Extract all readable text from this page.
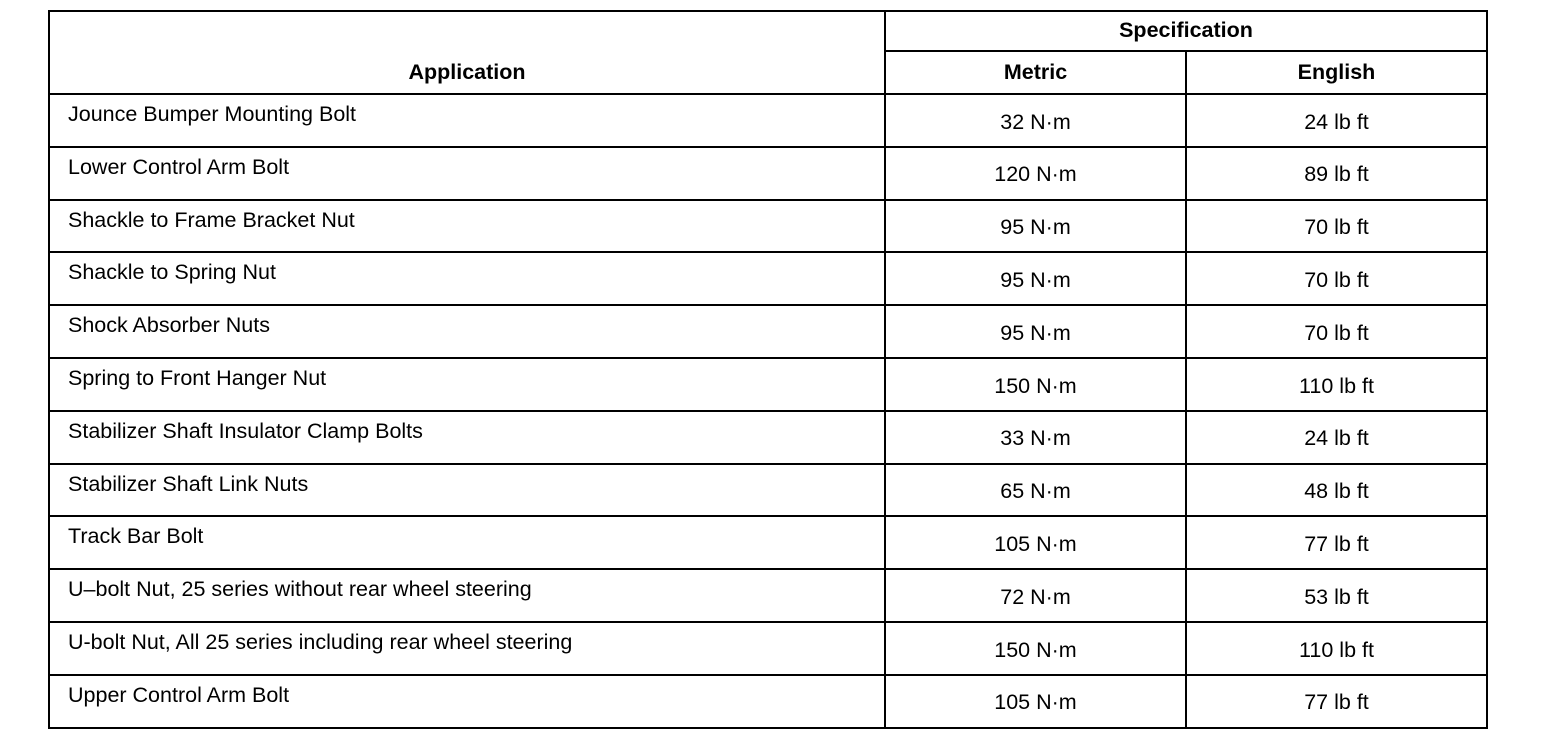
Application	Specification	
	Metric	English
Jounce Bumper Mounting Bolt	32 N·m	24 lb ft
Lower Control Arm Bolt	120 N·m	89 lb ft
Shackle to Frame Bracket Nut	95 N·m	70 lb ft
Shackle to Spring Nut	95 N·m	70 lb ft
Shock Absorber Nuts	95 N·m	70 lb ft
Spring to Front Hanger Nut	150 N·m	110 lb ft
Stabilizer Shaft Insulator Clamp Bolts	33 N·m	24 lb ft
Stabilizer Shaft Link Nuts	65 N·m	48 lb ft
Track Bar Bolt	105 N·m	77 lb ft
U–bolt Nut, 25 series without rear wheel steering	72 N·m	53 lb ft
U-bolt Nut, All 25 series including rear wheel steering	150 N·m	110 lb ft
Upper Control Arm Bolt	105 N·m	77 lb ft
